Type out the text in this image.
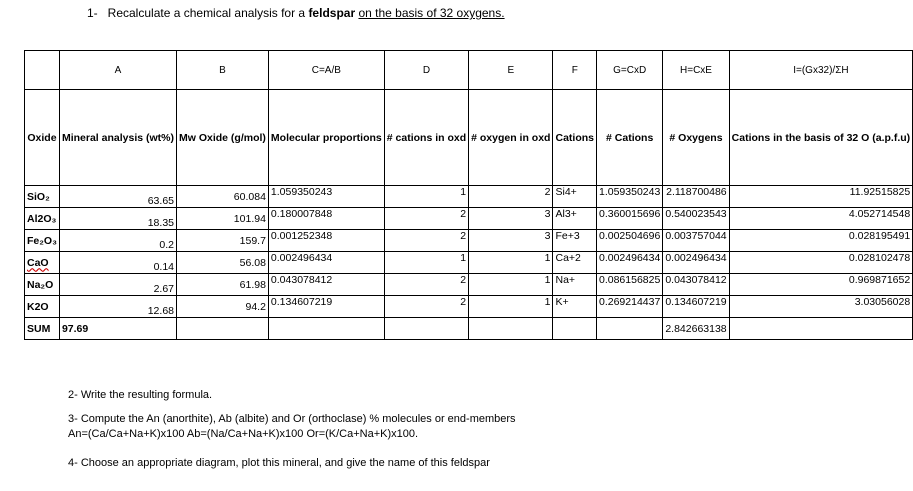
1- Recalculate a chemical analysis for a feldspar on the basis of 32 oxygens.
	A	B	C=A/B	D	E	F	G=CxD	H=CxE	I=(Gx32)/ΣH
Oxide	Mineral analysis (wt%)	Mw Oxide (g/mol)	Molecular proportions	# cations in oxd	# oxygen in oxd	Cations	# Cations	# Oxygens	Cations in the basis of 32 O (a.p.f.u)
SiO₂	63.65	60.084	1.059350243	1	2	Si4+	1.059350243	2.118700486	11.92515825
Al2O₃	18.35	101.94	0.180007848	2	3	Al3+	0.360015696	0.540023543	4.052714548
Fe₂O₃	0.2	159.7	0.001252348	2	3	Fe+3	0.002504696	0.003757044	0.028195491
CaO	0.14	56.08	0.002496434	1	1	Ca+2	0.002496434	0.002496434	0.028102478
Na₂O	2.67	61.98	0.043078412	2	1	Na+	0.086156825	0.043078412	0.969871652
K2O	12.68	94.2	0.134607219	2	1	K+	0.269214437	0.134607219	3.03056028
SUM	97.69							2.842663138	
2- Write the resulting formula.
3- Compute the An (anorthite), Ab (albite) and Or (orthoclase) % molecules or end-members
An=(Ca/Ca+Na+K)x100 Ab=(Na/Ca+Na+K)x100 Or=(K/Ca+Na+K)x100.
4- Choose an appropriate diagram, plot this mineral, and give the name of this feldspar
